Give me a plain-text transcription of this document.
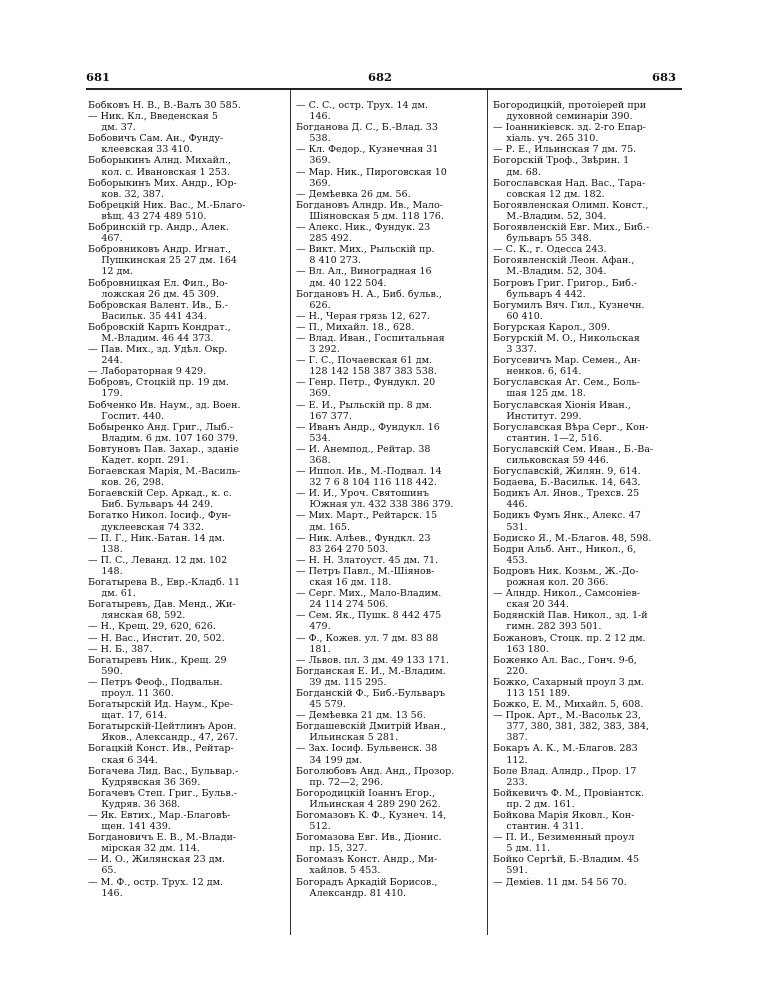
681	682	683

Бобковъ Н. В., В.-Валъ 30 585.

— Ник. Кл., Введенская 5
дм. 37.

Бобовичъ Сам. Ан., Фунду-
клеевская 33 410.

Боборыкинъ Алнд. Михайл.,
кол. с. Ивановская 1 253.

Боборыкинъ Мих. Андр., Юр-
ков. 32, 387.

Бобрецкій Ник. Вас., М.-Благо-
вѣщ. 43 274 489 510.

Бобринскій гр. Андр., Алек.
467.

Бобровниковъ Андр. Игнат.,
Пушкинская 25 27 дм. 164
12 дм.

Бобровницкая Ел. Фил., Во-
ложская 26 дм. 45 309.

Бобровская Валент. Ив., Б.-
Васильк. 35 441 434.

Бобровскій Карпъ Кондрат.,
М.-Владим. 46 44 373.

— Пав. Мих., зд. Удѣл. Окр.
244.

— Лабораторная 9 429.

Бобровъ, Стоцкій пр. 19 дм.
179.

Бобченко Ив. Наум., зд. Воен.
Госпит. 440.

Бобыренко Анд. Григ., Лыб.-
Владим. 6 дм. 107 160 379.

Бовтуновъ Пав. Захар., зданіе
Кадет. корп. 291.

Богаевская Марія, М.-Василь-
ков. 26, 298.

Богаевскій Сер. Аркад., к. с.
Биб. Бульваръ 44 249.

Богатко Никол. Іосиф., Фун-
дуклеевская 74 332.

— П. Г., Ник.-Батан. 14 дм.
138.

— П. С., Леванд. 12 дм. 102
148.

Богатырева В., Евр.-Кладб. 11
дм. 61.

Богатыревъ, Дав. Менд., Жи-
лянская 68, 592.

— Н., Крещ. 29, 620, 626.

— Н. Вас., Инстит. 20, 502.

— Н. Б., 387.

Богатыревъ Ник., Крещ. 29
590.

— Петръ Феоф., Подвальн.
проул. 11 360.

Богатырскій Ид. Наум., Кре-
щат. 17, 614.

Богатырскій-Цейтлинъ Арон.
Яков., Александр., 47, 267.

Богацкій Конст. Ив., Рейтар-
ская 6 344.

Богачева Лид. Вас., Бульвар.-
Кудрявская 36 369.

Богачевъ Степ. Григ., Бульв.-
Кудряв. 36 368.

— Як. Евтих., Мар.-Благовѣ-
щен. 141 439.

Богдановичъ Е. В., М.-Влади-
мірская 32 дм. 114.

— И. О., Жилянская 23 дм.
65.

— М. Ф., остр. Трух. 12 дм.
146.

— С. С., остр. Трух. 14 дм.
146.

Богданова Д. С., Б.-Влад. 33
538.

— Кл. Федор., Кузнечная 31
369.

— Мар. Ник., Пироговская 10
369.

— Демѣевка 26 дм. 56.

Богдановъ Алндр. Ив., Мало-
Шіяновская 5 дм. 118 176.

— Алекс. Ник., Фундук. 23
285 492.

— Викт. Мих., Рыльскій пр.
8 410 273.

— Вл. Ал., Виноградная 16
дм. 40 122 504.

Богдановъ Н. А., Биб. бульв.,
626.

— Н., Черая грязь 12, 627.

— П., Михайл. 18., 628.

— Влад. Иван., Госпитальная
3 292.

— Г. С., Почаевская 61 дм.
128 142 158 387 383 538.

— Генр. Петр., Фундукл. 20
369.

— Е. И., Рыльскій пр. 8 дм.
167 377.

— Иванъ Андр., Фундукл. 16
534.

— И. Анемпод., Рейтар. 38
368.

— Иппол. Ив., М.-Подвал. 14
32 7 6 8 104 116 118 442.

— И. И., Уроч. Святошинъ
Южная ул. 432 338 386 379.

— Мих. Март., Рейтарск. 15
дм. 165.

— Ник. Алѣев., Фундкл. 23
83 264 270 503.

— Н. Н. Златоуст. 45 дм. 71.

— Петръ Павл., М.-Шіянов-
ская 16 дм. 118.

— Серг. Мих., Мало-Владим.
24 114 274 506.

— Сем. Як., Пушк. 8 442 475
479.

— Ф., Кожев. ул. 7 дм. 83 88
181.

— Львов. пл. 3 дм. 49 133 171.

Богданская Е. И., М.-Владим.
39 дм. 115 295.

Богданскій Ф., Биб.-Бульваръ
45 579.

— Демѣевка 21 дм. 13 56.

Богдашевскій Дмитрій Иван.,
Ильинская 5 281.

— Зах. Іосиф. Бульвенск. 38
34 199 дм.

Боголюбовъ Анд. Анд., Прозор.
пр. 72—2, 296.

Богородицкій Іоаннъ Егор.,
Ильинская 4 289 290 262.

Богомазовъ К. Ф., Кузнеч. 14,
512.

Богомазова Евг. Ив., Діонис.
пр. 15, 327.

Богомазъ Конст. Андр., Ми-
хайлов. 5 453.

Богорадъ Аркадій Борисов.,
Александр. 81 410.

Богородицкій, протоіерей при
духовной семинаріи 390.

— Іоанникіевск. зд. 2-го Епар-
хіаль. уч. 265 310.

— Р. Е., Ильинская 7 дм. 75.

Богорскій Троф., Звѣрин. 1
дм. 68.

Богославская Над. Вас., Тара-
совская 12 дм. 182.

Богоявленская Олимп. Конст.,
М.-Владим. 52, 304.

Богоявленскій Евг. Мих., Биб.-
бульваръ 55 348.

— С. К., г. Одесса 243.

Богоявленскій Леон. Афан.,
М.-Владим. 52, 304.

Богровъ Григ. Григор., Биб.-
бульваръ 4 442.

Богумилъ Вяч. Гил., Кузнечн.
60 410.

Богурская Карол., 309.

Богурскій М. О., Никольская
3 337.

Богусевичъ Мар. Семен., Ан-
ненков. 6, 614.

Богуславская Аг. Сем., Боль-
шая 125 дм. 18.

Богуславская Хіонія Иван.,
Институт. 299.

Богуславская Вѣра Серг., Кон-
стантин. 1—2, 516.

Богуславскій Сем. Иван., Б.-Ва-
сильковская 59 446.

Богуславскій, Жилян. 9, 614.

Бодаева, Б.-Васильк. 14, 643.

Бодикъ Ал. Янов., Трехсв. 25
446.

Бодикъ Фумъ Янк., Алекс. 47
531.

Бодиско Я., М.-Благов. 48, 598.

Бодри Альб. Ант., Никол., 6,
453.

Бодровъ Ник. Козьм., Ж.-До-
рожная кол. 20 366.

— Алндр. Никол., Самсоніев-
ская 20 344.

Бодянскій Пав. Никол., зд. 1-й
гимн. 282 393 501.

Божановъ, Стоцк. пр. 2 12 дм.
163 180.

Боженко Ал. Вас., Гонч. 9-б,
220.

Божко, Сахарный проул 3 дм.
113 151 189.

Божко, Е. М., Михайл. 5, 608.

— Прок. Арт., М.-Васольк 23,
377, 380, 381, 382, 383, 384,
387.

Бокаръ А. К., М.-Благов. 283
112.

Боле Влад. Алндр., Прор. 17
233.

Бойкевичъ Ф. М., Провіантск.
пр. 2 дм. 161.

Бойкова Марія Яковл., Кон-
стантин. 4 311.

— П. И., Безименный проул
5 дм. 11.

Бойко Сергѣй, Б.-Владим. 45
591.

— Деміев. 11 дм. 54 56 70.
